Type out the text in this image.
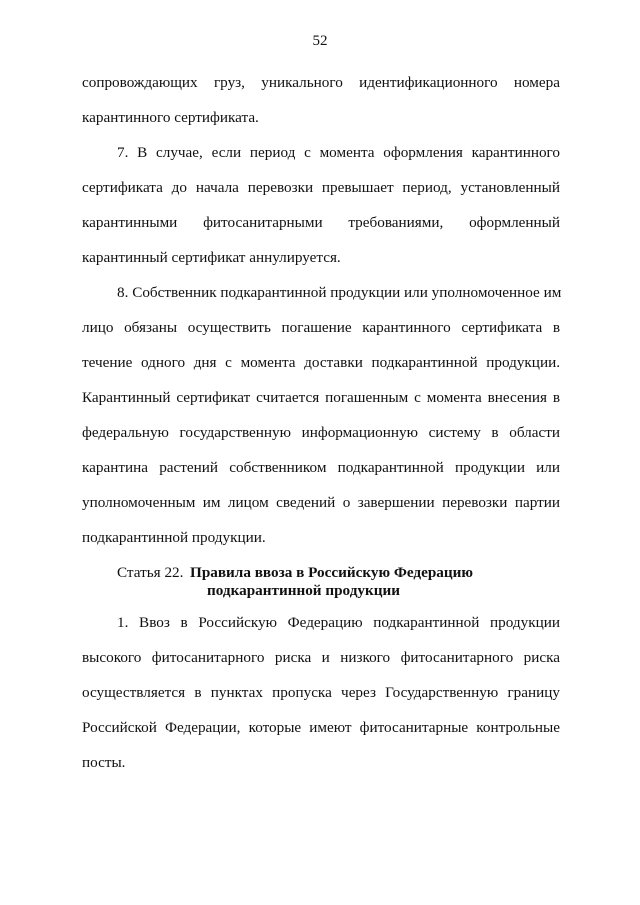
52
сопровождающих груз, уникального идентификационного номера
карантинного сертификата.
7. В случае, если период с момента оформления карантинного
сертификата до начала перевозки превышает период, установленный
карантинными фитосанитарными требованиями, оформленный
карантинный сертификат аннулируется.
8. Собственник подкарантинной продукции или уполномоченное им
лицо обязаны осуществить погашение карантинного сертификата в
течение одного дня с момента доставки подкарантинной продукции.
Карантинный сертификат считается погашенным с момента внесения в
федеральную государственную информационную систему в области
карантина растений собственником подкарантинной продукции или
уполномоченным им лицом сведений о завершении перевозки партии
подкарантинной продукции.
Статья 22. Правила ввоза в Российскую Федерацию
подкарантинной продукции
1. Ввоз в Российскую Федерацию подкарантинной продукции
высокого фитосанитарного риска и низкого фитосанитарного риска
осуществляется в пунктах пропуска через Государственную границу
Российской Федерации, которые имеют фитосанитарные контрольные
посты.
